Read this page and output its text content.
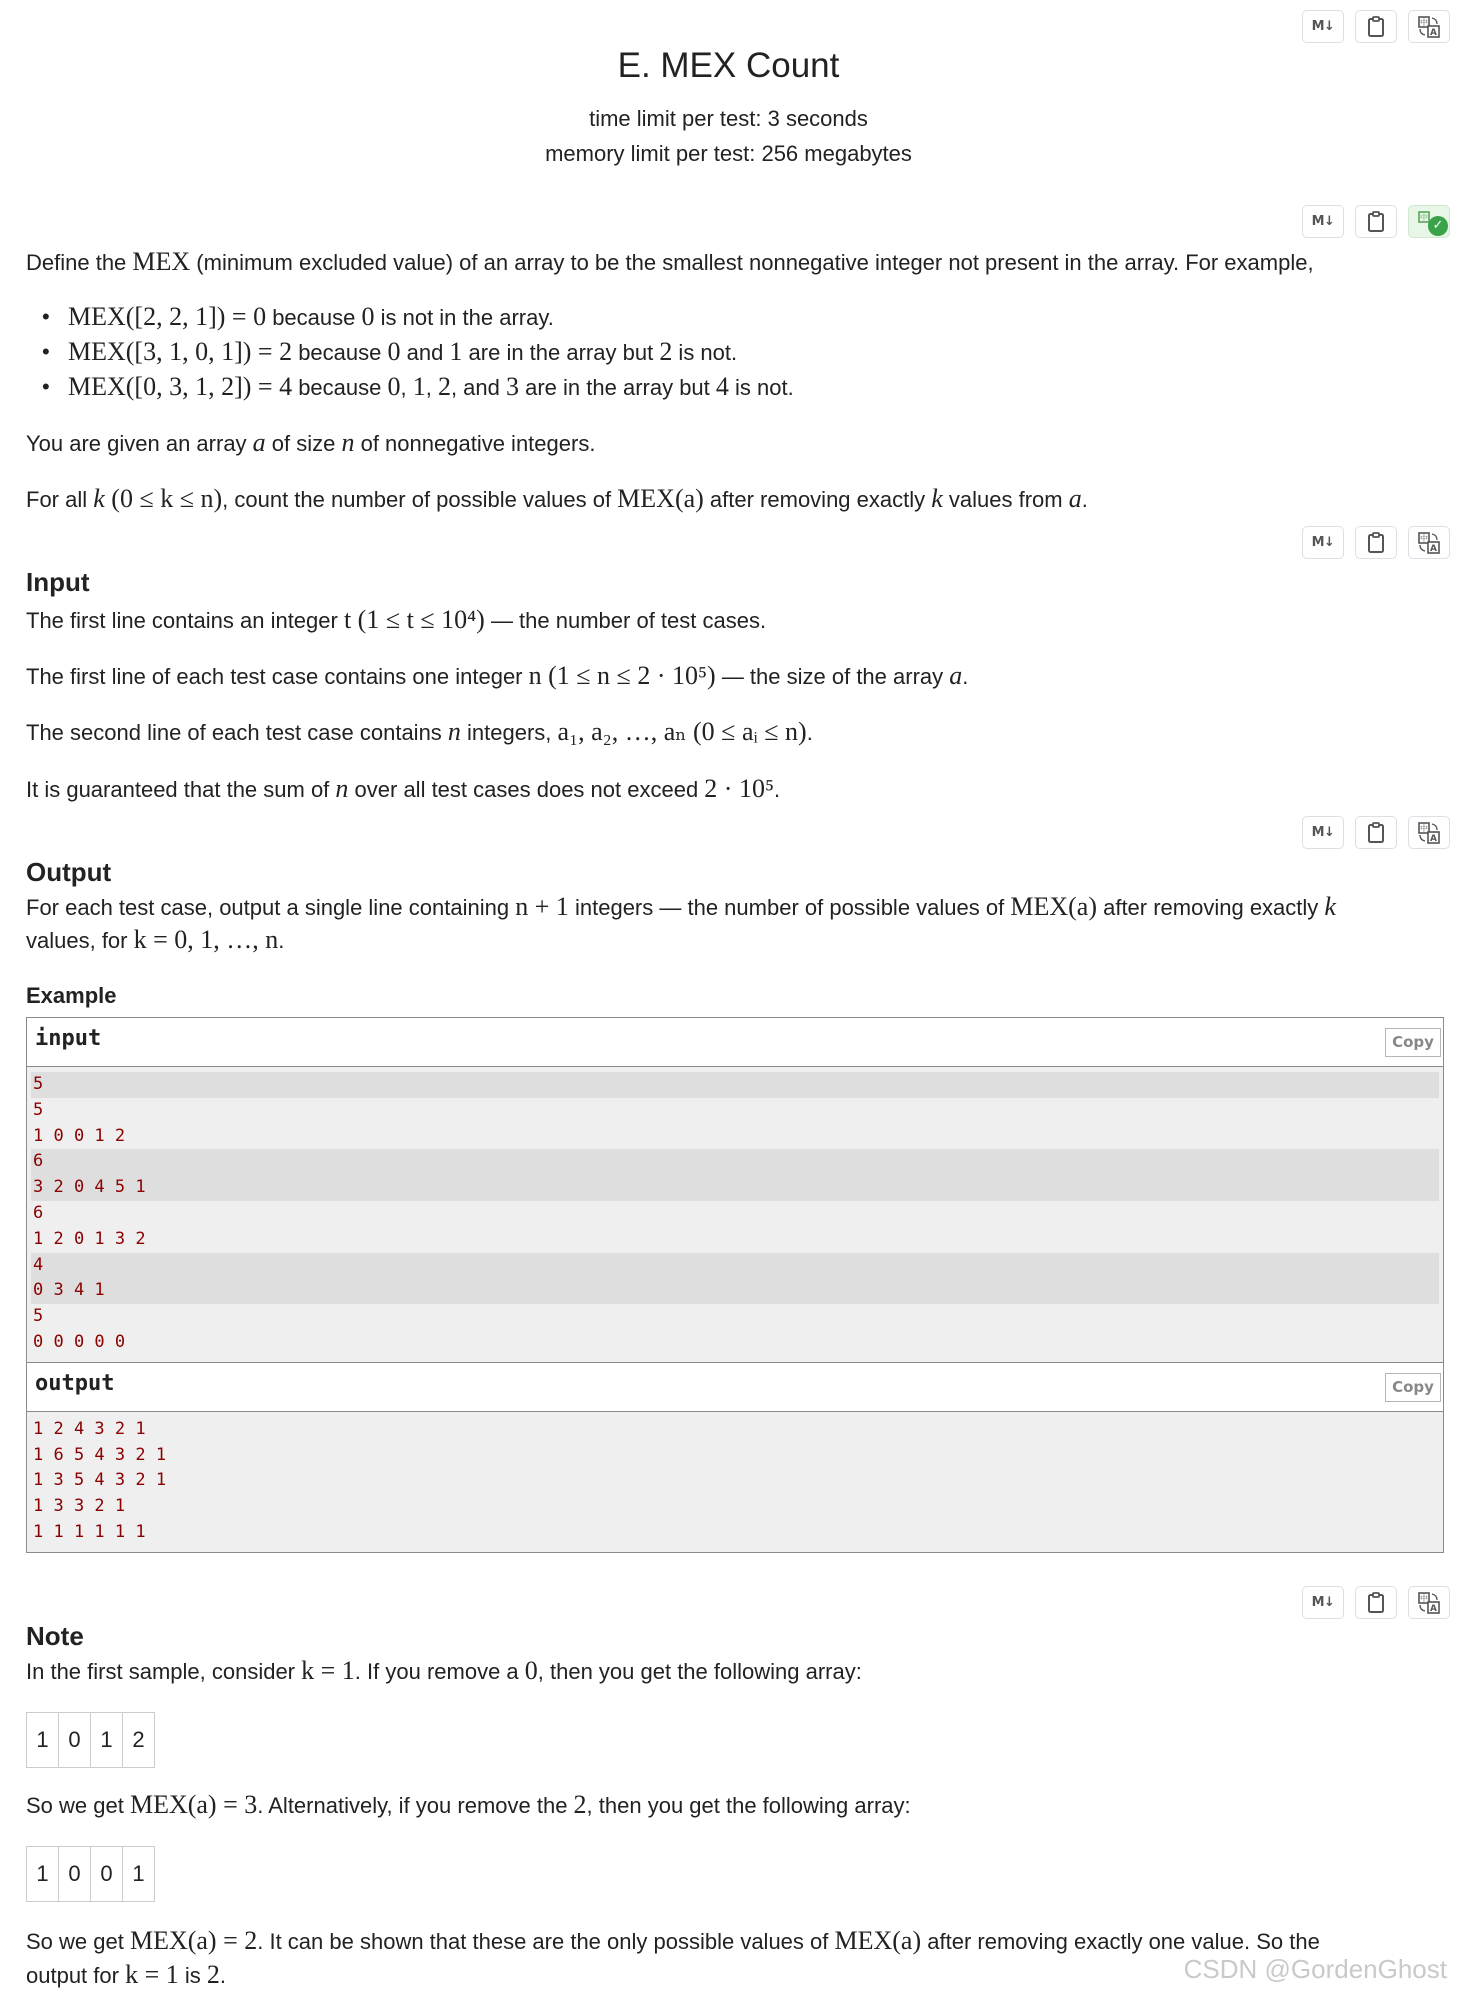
M↓	中
A
E. MEX Count
time limit per test: 3 seconds
memory limit per test: 256 megabytes
M↓	中
✓
Define the MEX (minimum excluded value) of an array to be the smallest nonnegative integer not present in the array. For example,
• MEX([2, 2, 1]) = 0 because 0 is not in the array.
• MEX([3, 1, 0, 1]) = 2 because 0 and 1 are in the array but 2 is not.
• MEX([0, 3, 1, 2]) = 4 because 0, 1, 2, and 3 are in the array but 4 is not.
You are given an array a of size n of nonnegative integers.
For all k (0 ≤ k ≤ n), count the number of possible values of MEX(a) after removing exactly k values from a.
M↓	中
A
Input
The first line contains an integer t (1 ≤ t ≤ 10⁴) — the number of test cases.
The first line of each test case contains one integer n (1 ≤ n ≤ 2 · 10⁵) — the size of the array a.
The second line of each test case contains n integers, a₁, a₂, …, aₙ (0 ≤ aᵢ ≤ n).
It is guaranteed that the sum of n over all test cases does not exceed 2 · 10⁵.
M↓	中
A
Output
For each test case, output a single line containing n + 1 integers — the number of possible values of MEX(a) after removing exactly k
values, for k = 0, 1, …, n.
Example
input	Copy
5
5
1 0 0 1 2
6
3 2 0 4 5 1
6
1 2 0 1 3 2
4
0 3 4 1
5
0 0 0 0 0
output	Copy
1 2 4 3 2 1
1 6 5 4 3 2 1
1 3 5 4 3 2 1
1 3 3 2 1
1 1 1 1 1 1
M↓	中
A
Note
In the first sample, consider k = 1. If you remove a 0, then you get the following array:
1 0 1 2
So we get MEX(a) = 3. Alternatively, if you remove the 2, then you get the following array:
1 0 0 1
So we get MEX(a) = 2. It can be shown that these are the only possible values of MEX(a) after removing exactly one value. So the
output for k = 1 is 2.	CSDN @GordenGhost
